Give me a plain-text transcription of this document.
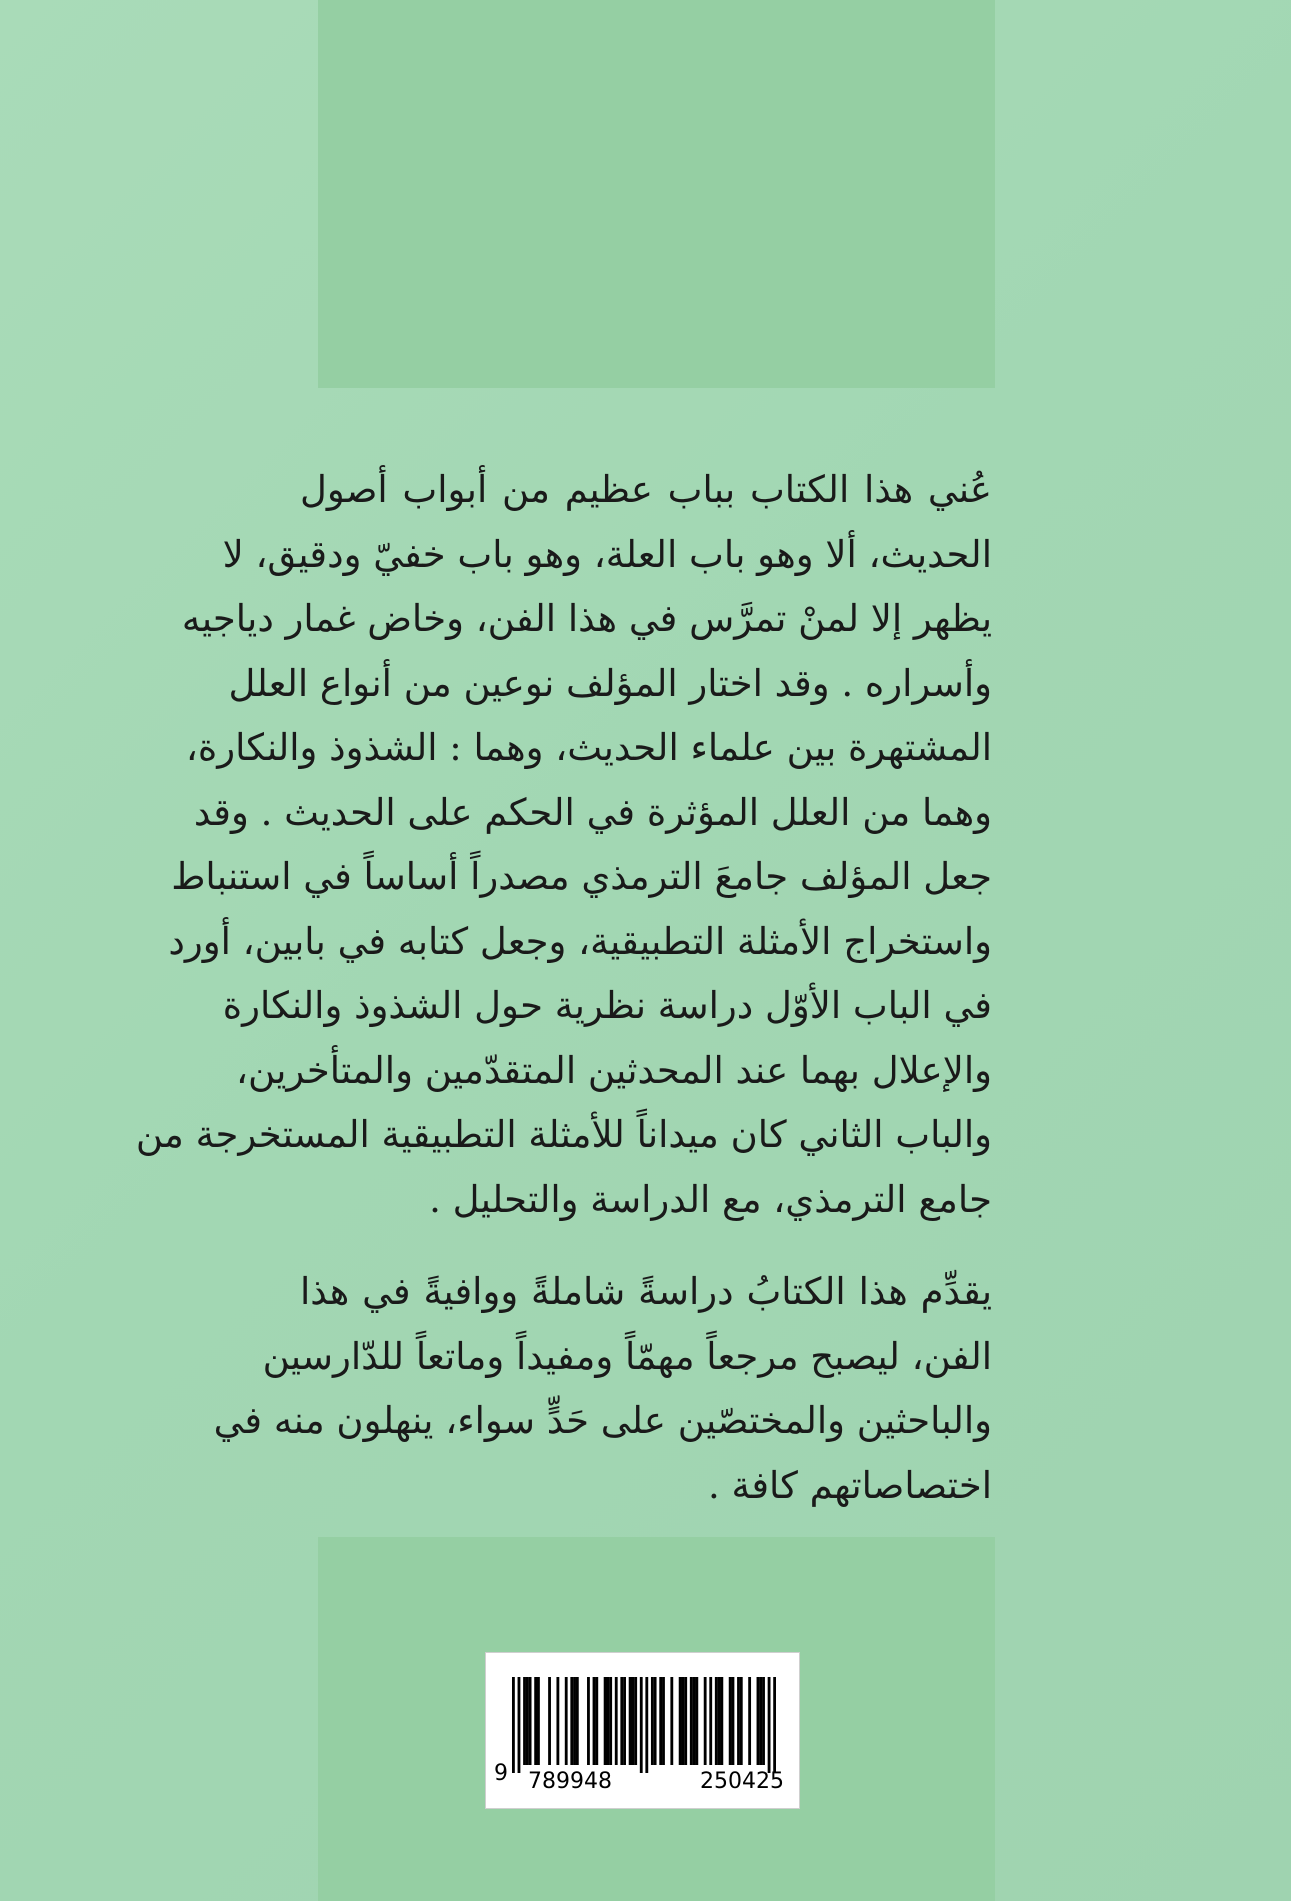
عُني هذا الكتاب بباب عظيم من أبواب أصول
الحديث، ألا وهو باب العلة، وهو باب خفيّ ودقيق، لا
يظهر إلا لمنْ تمرَّس في هذا الفن، وخاض غمار دياجيه
وأسراره . وقد اختار المؤلف نوعين من أنواع العلل
المشتهرة بين علماء الحديث، وهما : الشذوذ والنكارة،
وهما من العلل المؤثرة في الحكم على الحديث . وقد
جعل المؤلف جامعَ الترمذي مصدراً أساساً في استنباط
واستخراج الأمثلة التطبيقية، وجعل كتابه في بابين، أورد
في الباب الأوّل دراسة نظرية حول الشذوذ والنكارة
والإعلال بهما عند المحدثين المتقدّمين والمتأخرين،
والباب الثاني كان ميداناً للأمثلة التطبيقية المستخرجة من
جامع الترمذي، مع الدراسة والتحليل .

يقدِّم هذا الكتابُ دراسةً شاملةً ووافيةً في هذا
الفن، ليصبح مرجعاً مهمّاً ومفيداً وماتعاً للدّارسين
والباحثين والمختصّين على حَدٍّ سواء، ينهلون منه في
اختصاصاتهم كافة .

9 789948	250425
